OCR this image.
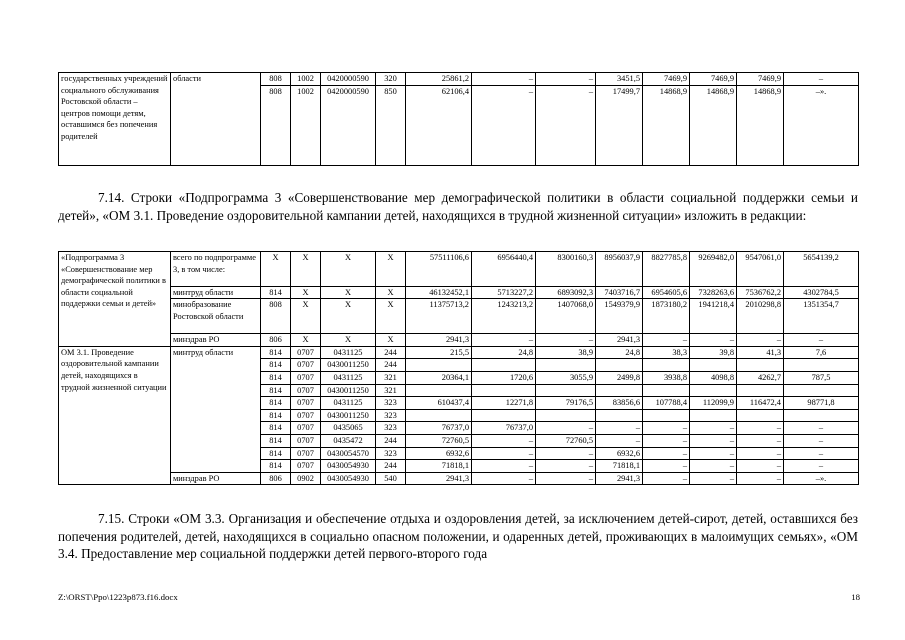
государственных учреждений социального обслуживания Ростовской области – центров помощи детям, оставшимся без попечения родителей	области	808	1002	0420000590	320	25861,2	–	–	3451,5	7469,9	7469,9	7469,9	–
		808	1002	0420000590	850	62106,4	–	–	17499,7	14868,9	14868,9	14868,9	–».

7.14. Строки «Подпрограмма 3 «Совершенствование мер демографической политики в области социальной поддержки семьи и детей», «ОМ 3.1. Проведение оздоровительной кампании детей, находящихся в трудной жизненной ситуации» изложить в редакции:

«Подпрограмма 3 «Совершенствование мер демографической политики в области социальной поддержки семьи и детей»	всего по подпрограмме 3, в том числе:	X	X	X	X	57511106,6	6956440,4	8300160,3	8956037,9	8827785,8	9269482,0	9547061,0	5654139,2
	минтруд области	814	X	X	X	46132452,1	5713227,2	6893092,3	7403716,7	6954605,6	7328263,6	7536762,2	4302784,5
	минобразование Ростовской области	808	X	X	X	11375713,2	1243213,2	1407068,0	1549379,9	1873180,2	1941218,4	2010298,8	1351354,7
	минздрав РО	806	X	X	X	2941,3	–	–	2941,3	–	–	–	–
ОМ 3.1. Проведение оздоровительной кампании детей, находящихся в трудной жизненной ситуации	минтруд области	814	0707	0431125	244	215,5	24,8	38,9	24,8	38,3	39,8	41,3	7,6
		814	0707	0430011250	244								
		814	0707	0431125	321	20364,1	1720,6	3055,9	2499,8	3938,8	4098,8	4262,7	787,5
		814	0707	0430011250	321								
		814	0707	0431125	323	610437,4	12271,8	79176,5	83856,6	107788,4	112099,9	116472,4	98771,8
		814	0707	0430011250	323								
		814	0707	0435065	323	76737,0	76737,0	–	–	–	–	–	–
		814	0707	0435472	244	72760,5	–	72760,5	–	–	–	–	–
		814	0707	0430054570	323	6932,6	–	–	6932,6	–	–	–	–
		814	0707	0430054930	244	71818,1	–	–	71818,1	–	–	–	–
	минздрав РО	806	0902	0430054930	540	2941,3	–	–	2941,3	–	–	–	–».

7.15. Строки «ОМ 3.3. Организация и обеспечение отдыха и оздоровления детей, за исключением детей-сирот, детей, оставшихся без попечения родителей, детей, находящихся в социально опасном положении, и одаренных детей, проживающих в малоимущих семьях», «ОМ 3.4. Предоставление мер социальной поддержки детей первого-второго года

Z:\ORST\Ppo\1223p873.f16.docx	18
